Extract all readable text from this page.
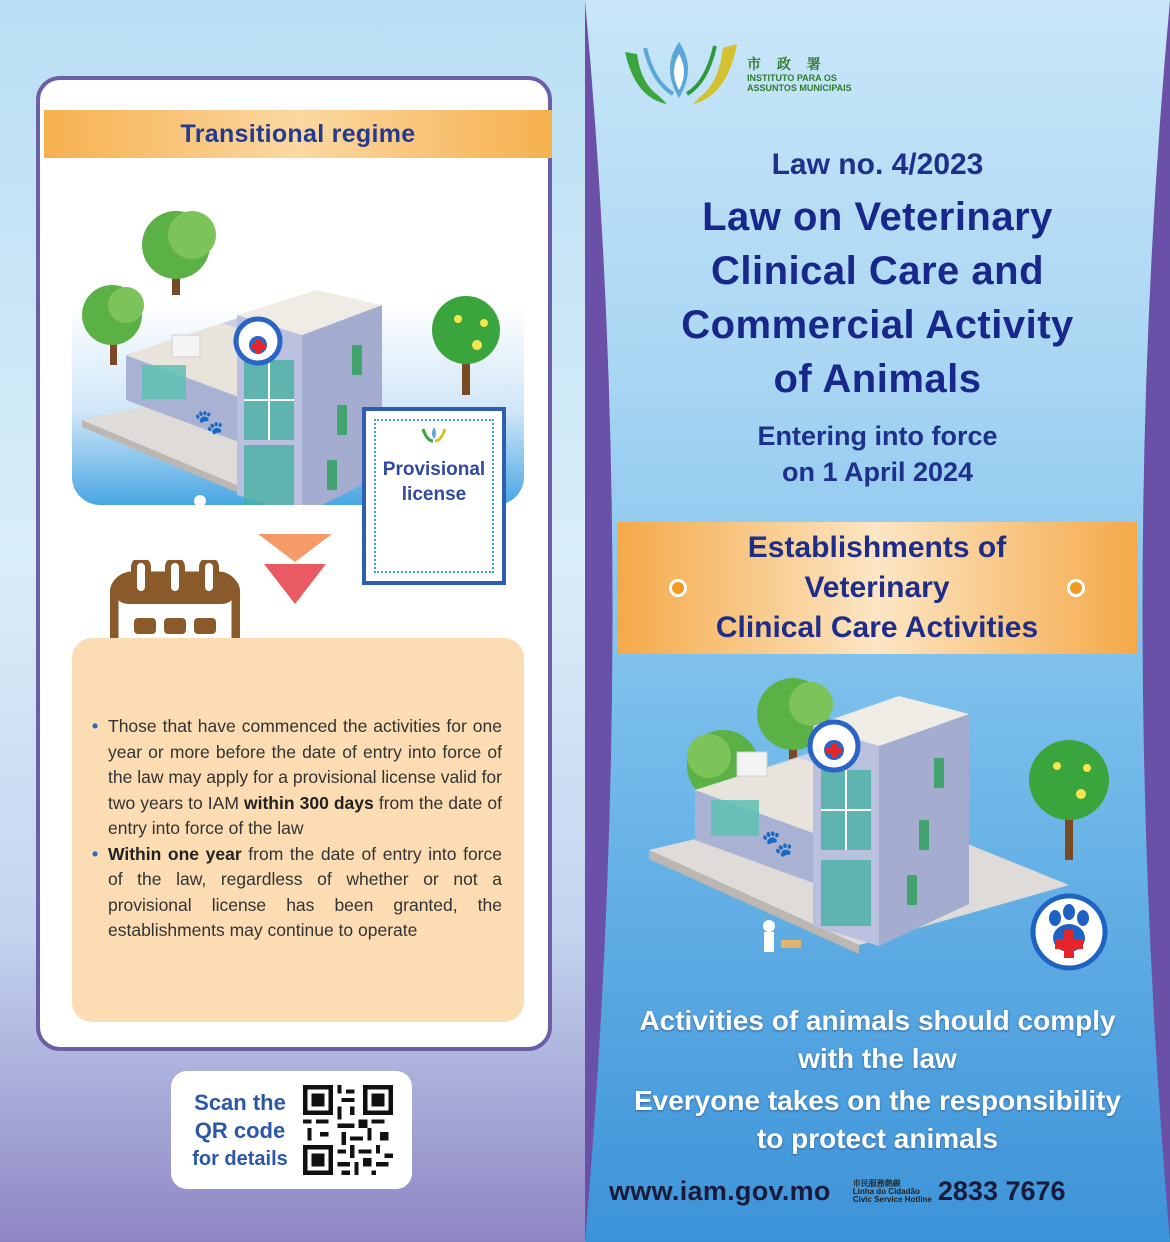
Transitional regime
🐾
Provisional
license
• Those that have commenced the activities for one year or more before the date of entry into force of the law may apply for a provisional license valid for two years to IAM within 300 days from the date of entry into force of the law
• Within one year from the date of entry into force of the law, regardless of whether or not a provisional license has been granted, the establishments may continue to operate
Scan the
QR code
for details
市 政 署
INSTITUTO PARA OS
ASSUNTOS MUNICIPAIS
Law no. 4/2023
Law on Veterinary
Clinical Care and
Commercial Activity
of Animals
Entering into force
on 1 April 2024
Establishments of
Veterinary
Clinical Care Activities
🐾
Activities of animals should comply
with the law
Everyone takes on the responsibility
to protect animals
www.iam.gov.mo	市民服務熱線
Linha do Cidadão
Civic Service Hotline 2833 7676
